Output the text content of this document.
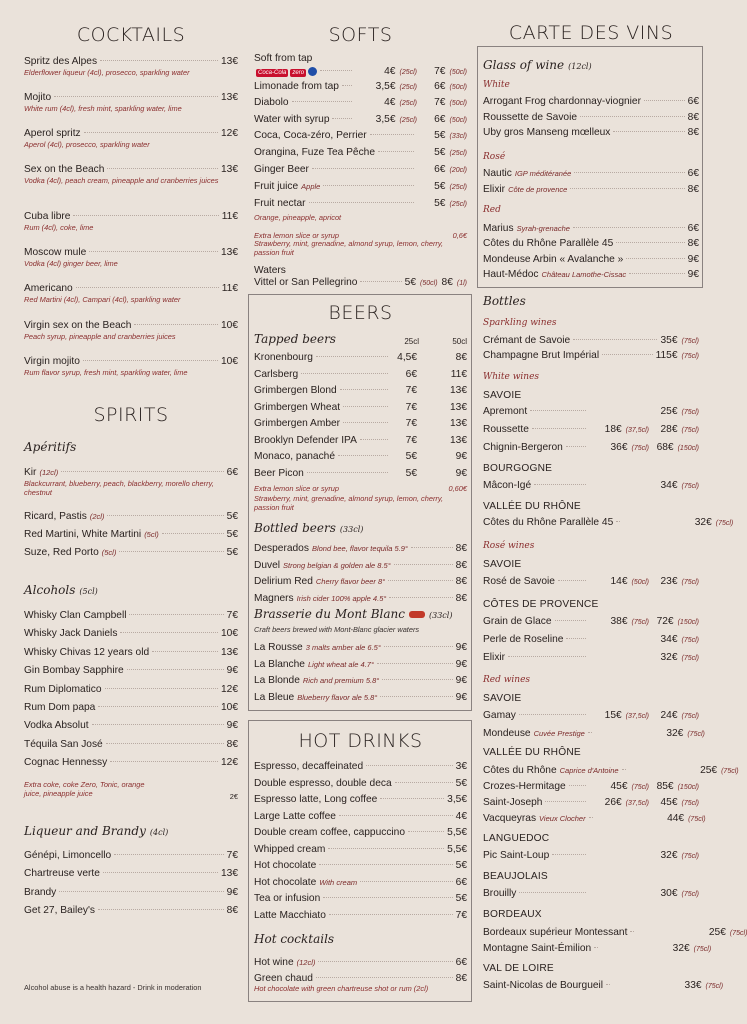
COCKTAILS
Spritz des Alpes	13€
Elderflower liqueur (4cl), prosecco, sparkling water
Mojito	13€
White rum (4cl), fresh mint, sparkling water, lime
Aperol spritz	12€
Aperol (4cl), prosecco, sparkling water
Sex on the Beach	13€
Vodka (4cl), peach cream, pineapple and cranberries juices
Cuba libre	11€
Rum (4cl), coke, lime
Moscow mule	13€
Vodka (4cl) ginger beer, lime
Americano	11€
Red Martini (4cl), Campari (4cl), sparkling water
Virgin sex on the Beach	10€
Peach syrup, pineapple and cranberries juices
Virgin mojito	10€
Rum flavor syrup, fresh mint, sparkling water, lime
SPIRITS
Apéritifs
Kir (12cl)	6€
Blackcurrant, blueberry, peach, blackberry, morello cherry, chestnut
Ricard, Pastis (2cl)	5€
Red Martini, White Martini (5cl)	5€
Suze, Red Porto (5cl)	5€
Alcohols (5cl)
Whisky Clan Campbell	7€
Whisky Jack Daniels	10€
Whisky Chivas 12 years old	13€
Gin Bombay Sapphire	9€
Rum Diplomatico	12€
Rum Dom papa	10€
Vodka Absolut	9€
Téquila San José	8€
Cognac Hennessy	12€
Extra coke, coke Zero, Tonic, orange juice, pineapple juice	2€
Liqueur and Brandy (4cl)
Génépi, Limoncello	7€
Chartreuse verte	13€
Brandy	9€
Get 27, Bailey's	8€
Alcohol abuse is a health hazard - Drink in moderation
SOFTS
Soft from tap
Coca-Cola zero	4€ (25cl) 7€ (50cl)
Limonade from tap	3,5€ (25cl) 6€ (50cl)
Diabolo	4€ (25cl) 7€ (50cl)
Water with syrup	3,5€ (25cl) 6€ (50cl)
Coca, Coca-zéro, Perrier	5€ (33cl)
Orangina, Fuze Tea Pêche	5€ (25cl)
Ginger Beer	6€ (20cl)
Fruit juice Apple	5€ (25cl)
Fruit nectar	5€ (25cl)
Orange, pineapple, apricot
Extra lemon slice or syrup	0,6€
Strawberry, mint, grenadine, almond syrup, lemon, cherry, passion fruit
Waters
Vittel or San Pellegrino	5€ (50cl) 8€ (1l)
BEERS
Tapped beers	25cl	50cl
Kronenbourg	4,5€	8€
Carlsberg	6€	11€
Grimbergen Blond	7€	13€
Grimbergen Wheat	7€	13€
Grimbergen Amber	7€	13€
Brooklyn Defender IPA	7€	13€
Monaco, panaché	5€	9€
Beer Picon	5€	9€
Extra lemon slice or syrup	0,60€
Strawberry, mint, grenadine, almond syrup, lemon, cherry, passion fruit
Bottled beers (33cl)
Desperados Blond bee, flavor tequila 5.9°	8€
Duvel Strong belgian & golden ale 8.5°	8€
Delirium Red Cherry flavor beer 8°	8€
Magners Irish cider 100% apple 4.5°	8€
Brasserie du Mont Blanc	(33cl)
Craft beers brewed with Mont-Blanc glacier waters
La Rousse 3 malts amber ale 6.5°	9€
La Blanche Light wheat ale 4.7°	9€
La Blonde Rich and premium 5.8°	9€
La Bleue Blueberry flavor ale 5.8°	9€
HOT DRINKS
Espresso, decaffeinated	3€
Double espresso, double deca	5€
Espresso latte, Long coffee	3,5€
Large Latte coffee	4€
Double cream coffee, cappuccino	5,5€
Whipped cream	5,5€
Hot chocolate	5€
Hot chocolate With cream	6€
Tea or infusion	5€
Latte Macchiato	7€
Hot cocktails
Hot wine (12cl)	6€
Green chaud	8€
Hot chocolate with green chartreuse shot or rum (2cl)
CARTE DES VINS
Glass of wine (12cl)
White
Arrogant Frog chardonnay-viognier	6€
Roussette de Savoie	8€
Uby gros Manseng mœlleux	8€
Rosé
Nautic IGP méditéranée	6€
Elixir Côte de provence	8€
Red
Marius Syrah-grenache	6€
Côtes du Rhône Parallèle 45	8€
Mondeuse Arbin « Avalanche »	9€
Haut-Médoc Château Lamothe-Cissac	9€
Bottles
Sparkling wines
Crémant de Savoie	35€ (75cl)
Champagne Brut Impérial	115€ (75cl)
White wines
SAVOIE
Apremont	25€ (75cl)
Roussette	18€ (37,5cl) 28€ (75cl)
Chignin-Bergeron	36€ (75cl) 68€ (150cl)
BOURGOGNE
Mâcon-Igé	34€ (75cl)
VALLÉE DU RHÔNE
Côtes du Rhône Parallèle 45	32€ (75cl)
Rosé wines
SAVOIE
Rosé de Savoie	14€ (50cl) 23€ (75cl)
CÔTES DE PROVENCE
Grain de Glace	38€ (75cl) 72€ (150cl)
Perle de Roseline	34€ (75cl)
Elixir	32€ (75cl)
Red wines
SAVOIE
Gamay	15€ (37,5cl) 24€ (75cl)
Mondeuse Cuvée Prestige	32€ (75cl)
VALLÉE DU RHÔNE
Côtes du Rhône Caprice d'Antoine	25€ (75cl)
Crozes-Hermitage	45€ (75cl) 85€ (150cl)
Saint-Joseph	26€ (37,5cl) 45€ (75cl)
Vacqueyras Vieux Clocher	44€ (75cl)
LANGUEDOC
Pic Saint-Loup	32€ (75cl)
BEAUJOLAIS
Brouilly	30€ (75cl)
BORDEAUX
Bordeaux supérieur Montessant	25€ (75cl)
Montagne Saint-Émilion	32€ (75cl)
VAL DE LOIRE
Saint-Nicolas de Bourgueil	33€ (75cl)
